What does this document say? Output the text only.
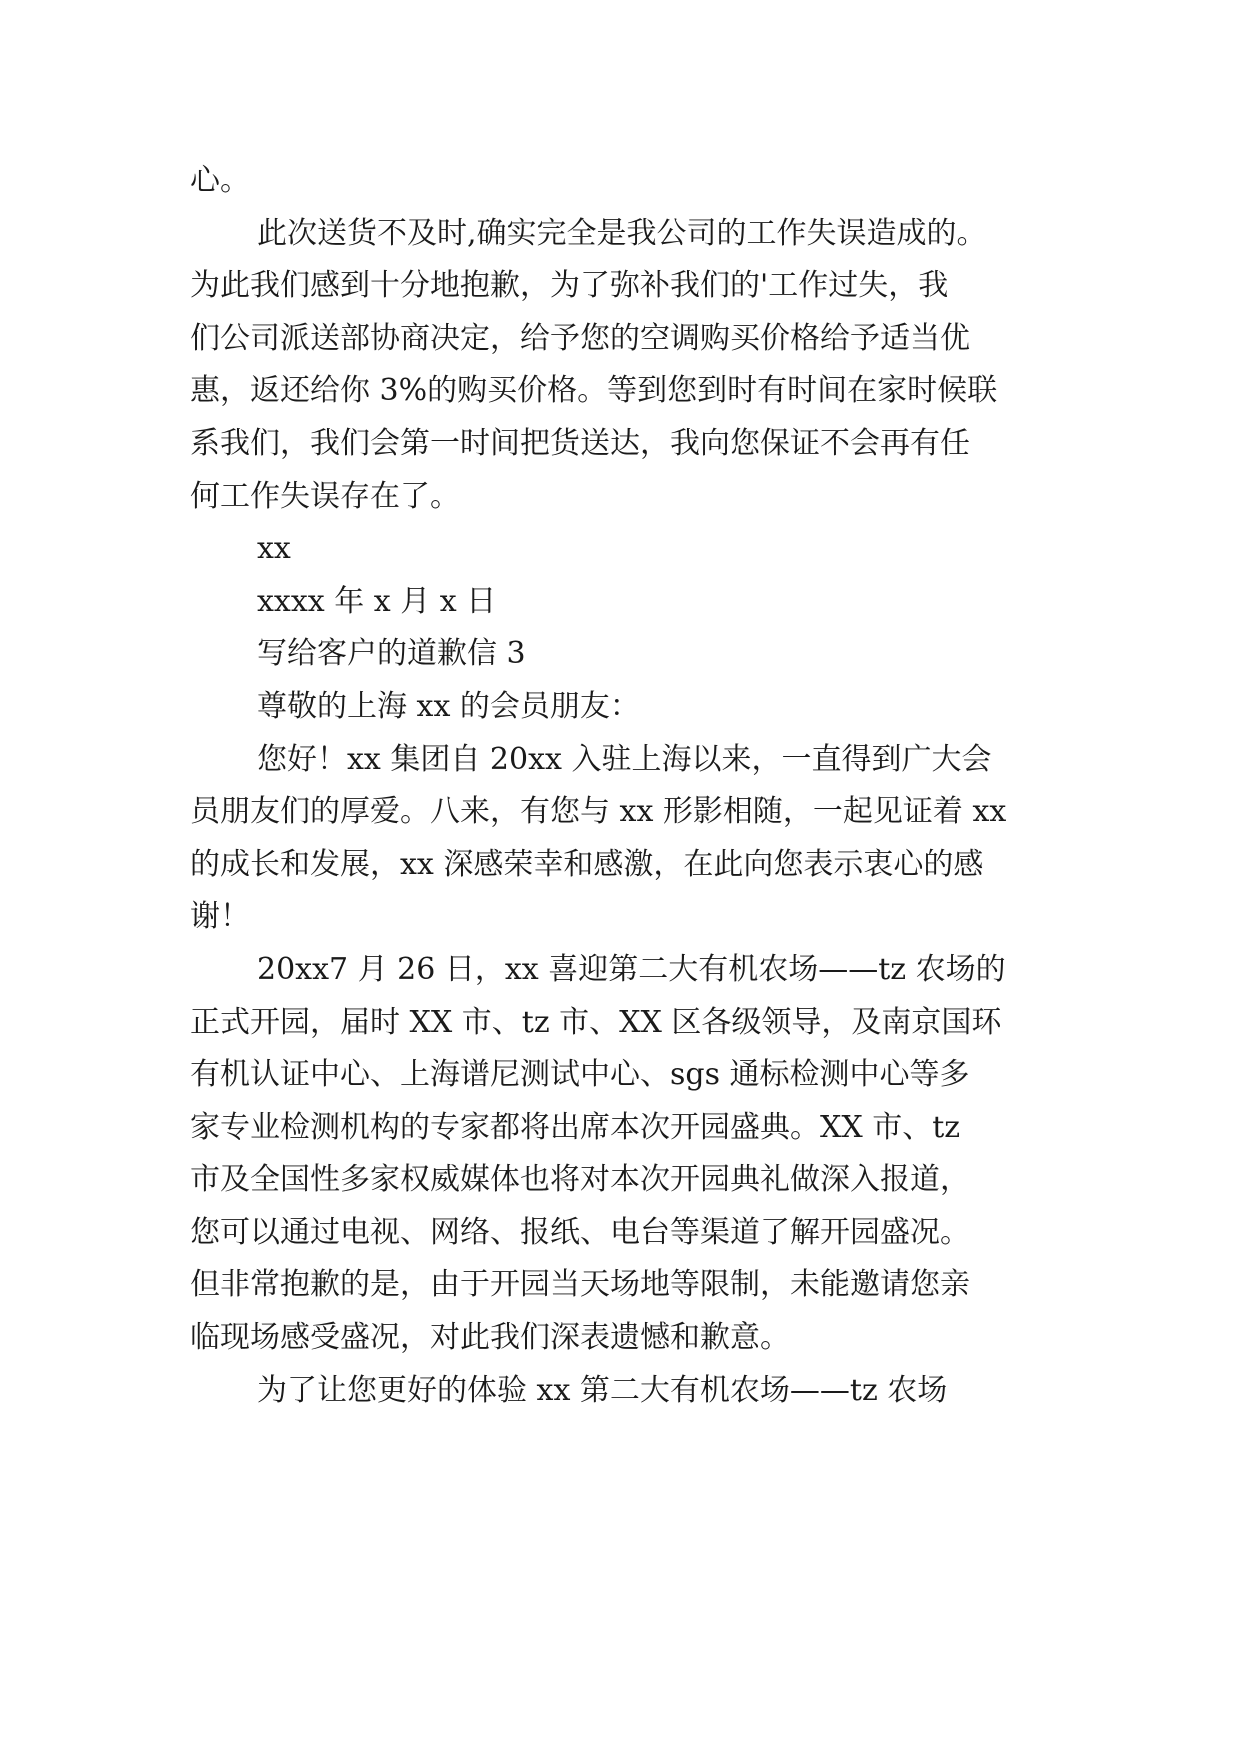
心。
此次送货不及时,确实完全是我公司的工作失误造成的。
为此我们感到十分地抱歉，为了弥补我们的'工作过失，我
们公司派送部协商决定，给予您的空调购买价格给予适当优
惠，返还给你 3%的购买价格。等到您到时有时间在家时候联
系我们，我们会第一时间把货送达，我向您保证不会再有任
何工作失误存在了。
xx
xxxx 年 x 月 x 日
写给客户的道歉信 3
尊敬的上海 xx 的会员朋友：
您好！xx 集团自 20xx 入驻上海以来，一直得到广大会
员朋友们的厚爱。八来，有您与 xx 形影相随，一起见证着 xx
的成长和发展，xx 深感荣幸和感激，在此向您表示衷心的感
谢！
20xx7 月 26 日，xx 喜迎第二大有机农场——tz 农场的
正式开园，届时 XX 市、tz 市、XX 区各级领导，及南京国环
有机认证中心、上海谱尼测试中心、sgs 通标检测中心等多
家专业检测机构的专家都将出席本次开园盛典。XX 市、tz
市及全国性多家权威媒体也将对本次开园典礼做深入报道，
您可以通过电视、网络、报纸、电台等渠道了解开园盛况。
但非常抱歉的是，由于开园当天场地等限制，未能邀请您亲
临现场感受盛况，对此我们深表遗憾和歉意。
为了让您更好的体验 xx 第二大有机农场——tz 农场
